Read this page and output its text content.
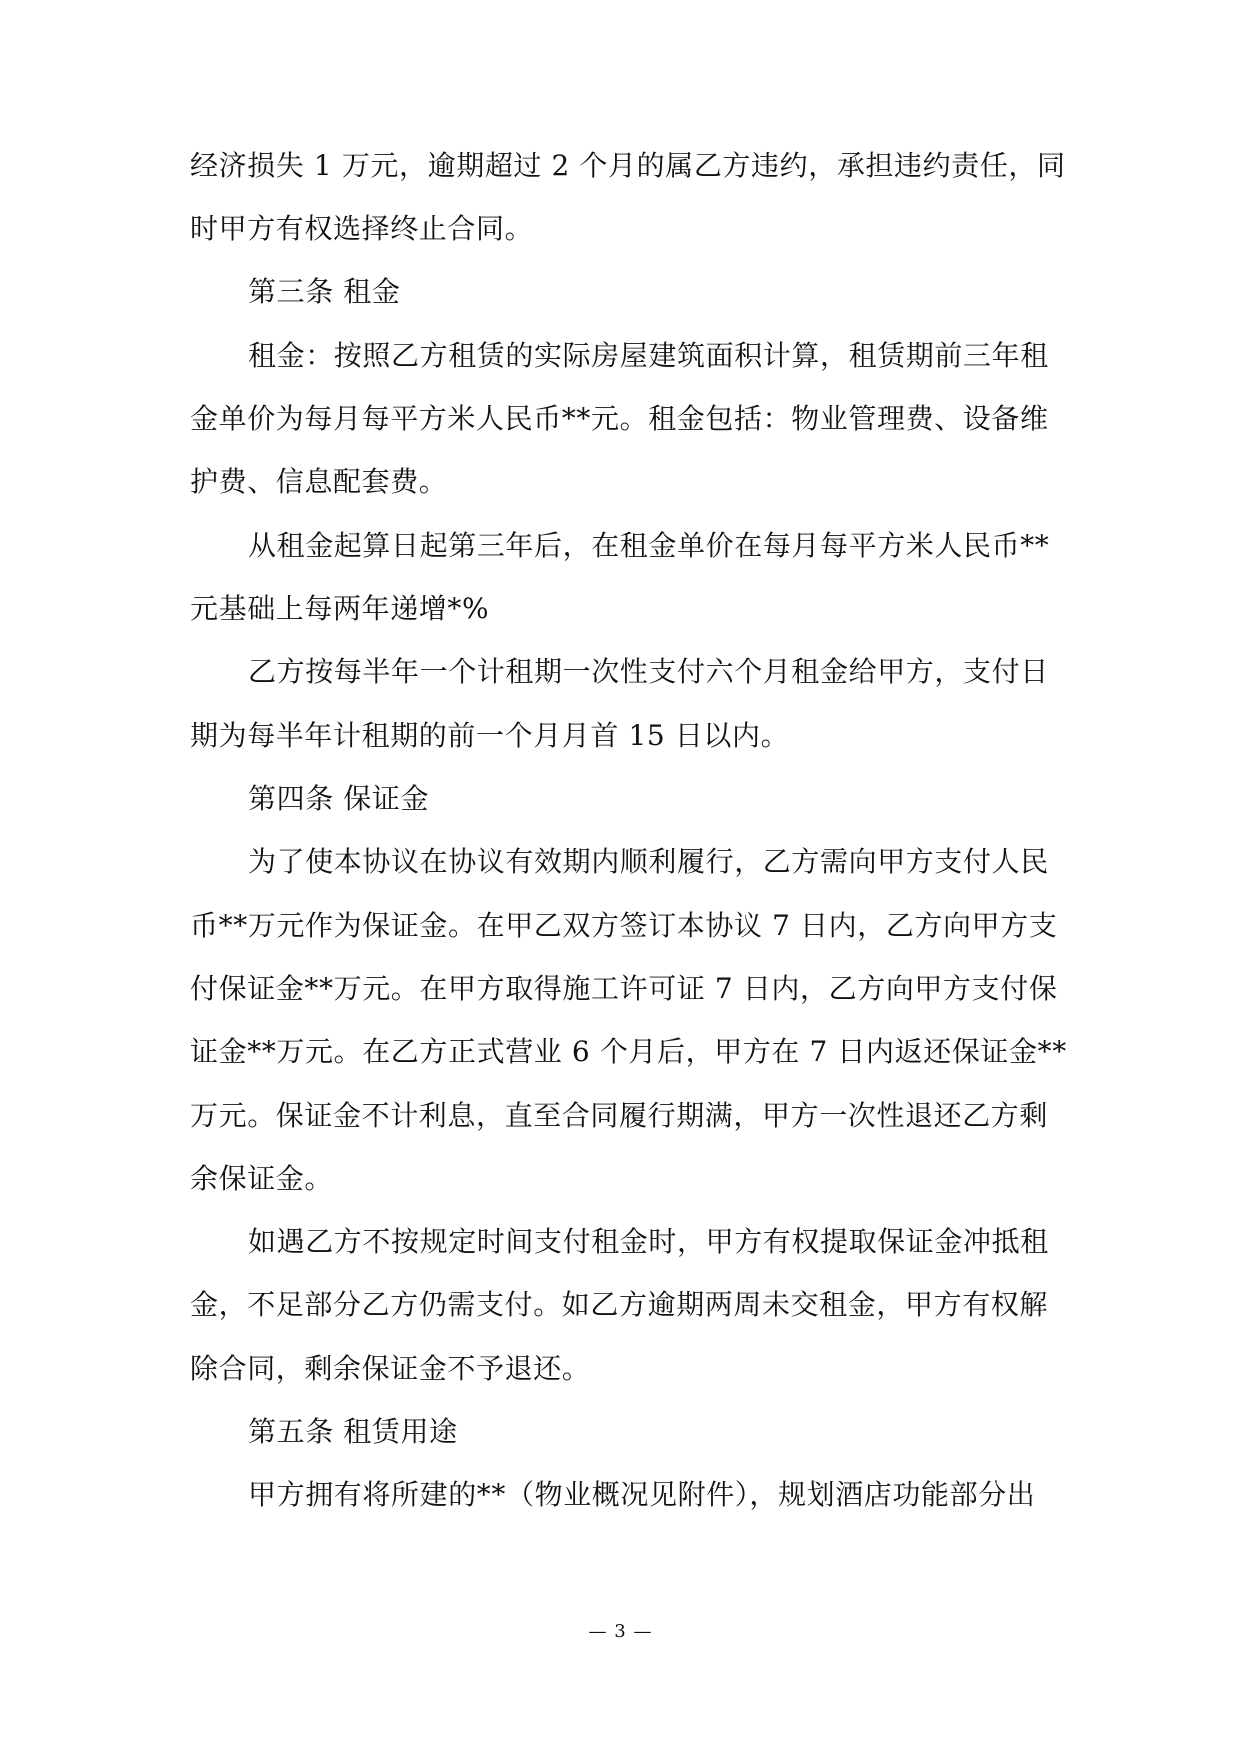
经济损失 1 万元，逾期超过 2 个月的属乙方违约，承担违约责任，同
时甲方有权选择终止合同。
第三条 租金
租金：按照乙方租赁的实际房屋建筑面积计算，租赁期前三年租
金单价为每月每平方米人民币**元。租金包括：物业管理费、设备维
护费、信息配套费。
从租金起算日起第三年后，在租金单价在每月每平方米人民币**
元基础上每两年递增*%
乙方按每半年一个计租期一次性支付六个月租金给甲方，支付日
期为每半年计租期的前一个月月首 15 日以内。
第四条 保证金
为了使本协议在协议有效期内顺利履行，乙方需向甲方支付人民
币**万元作为保证金。在甲乙双方签订本协议 7 日内，乙方向甲方支
付保证金**万元。在甲方取得施工许可证 7 日内，乙方向甲方支付保
证金**万元。在乙方正式营业 6 个月后，甲方在 7 日内返还保证金**
万元。保证金不计利息，直至合同履行期满，甲方一次性退还乙方剩
余保证金。
如遇乙方不按规定时间支付租金时，甲方有权提取保证金冲抵租
金，不足部分乙方仍需支付。如乙方逾期两周未交租金，甲方有权解
除合同，剩余保证金不予退还。
第五条 租赁用途
甲方拥有将所建的**（物业概况见附件），规划酒店功能部分出
— 3 —
